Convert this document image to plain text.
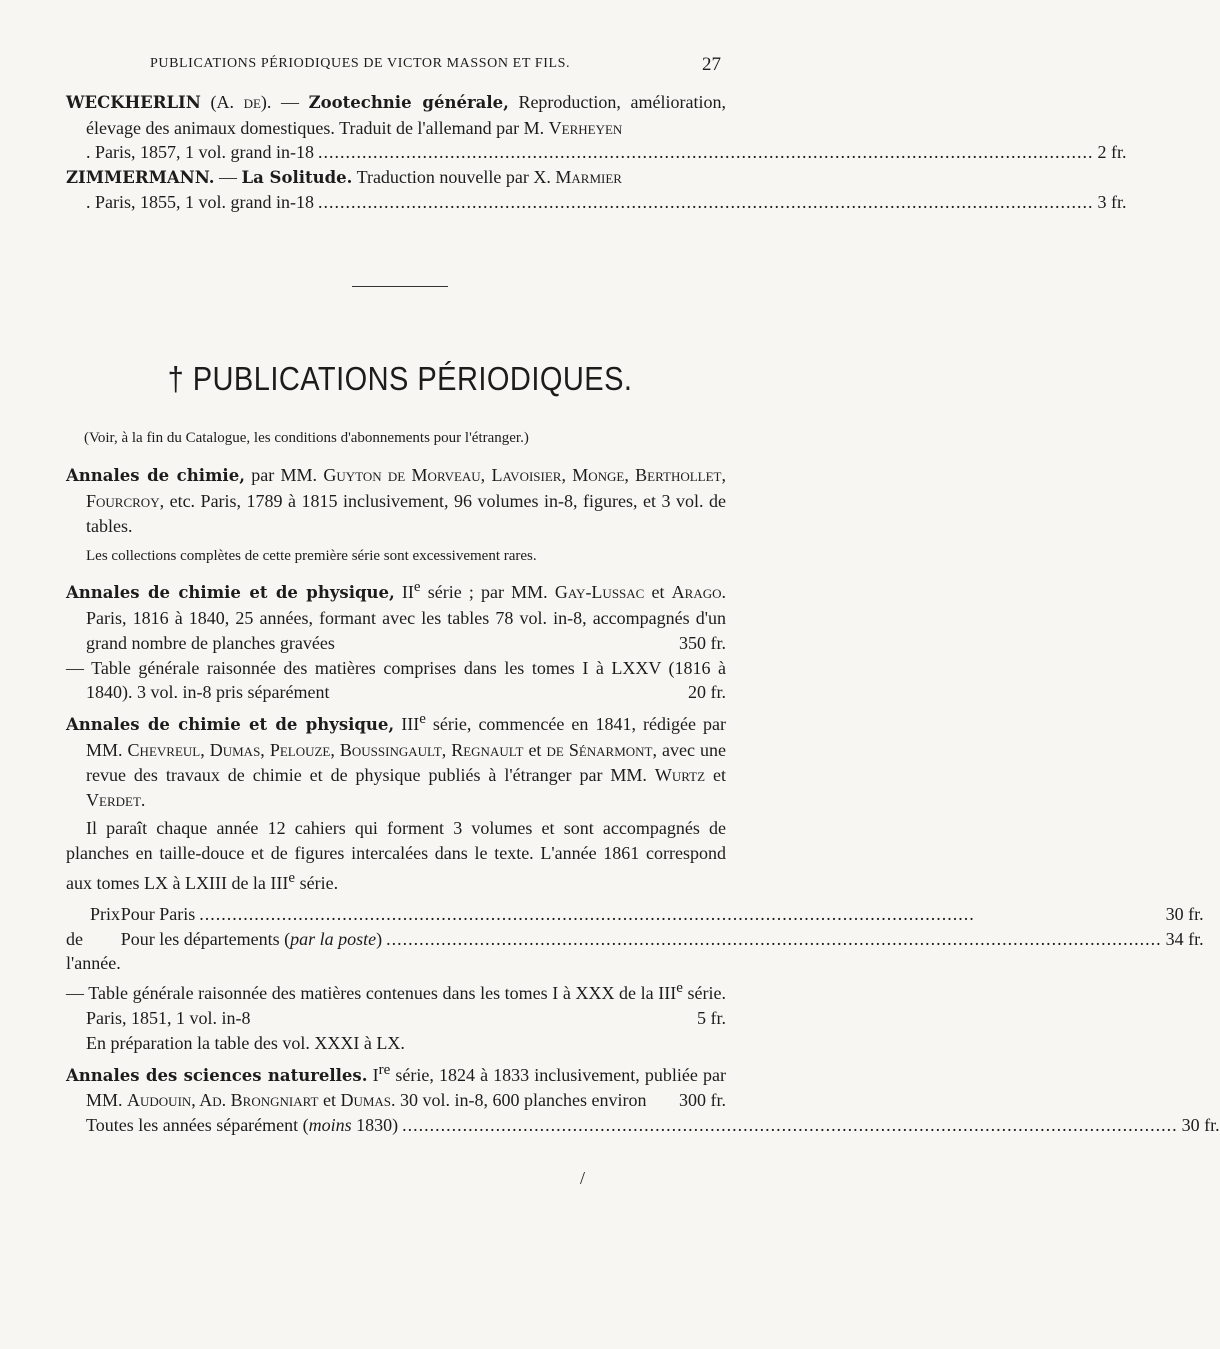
PUBLICATIONS PÉRIODIQUES DE VICTOR MASSON ET FILS.	27

WECKHERLIN (A. de). — Zootechnie générale, Reproduction, amélioration, élevage des animaux domestiques. Traduit de l'allemand par M. Verheyen

. Paris, 1857, 1 vol. grand in-18 .....	2 fr.

ZIMMERMANN. — La Solitude. Traduction nouvelle par X. Marmier

. Paris, 1855, 1 vol. grand in-18 .....	3 fr.
† PUBLICATIONS PÉRIODIQUES.
(Voir, à la fin du Catalogue, les conditions d'abonnements pour l'étranger.)

Annales de chimie, par MM. Guyton de Morveau, Lavoisier, Monge, Berthollet, Fourcroy, etc. Paris, 1789 à 1815 inclusivement, 96 volumes in-8, figures, et 3 vol. de tables.

Les collections complètes de cette première série sont excessivement rares.

Annales de chimie et de physique, IIe série ; par MM. Gay-Lussac et Arago. Paris, 1816 à 1840, 25 années, formant avec les tables 78 vol. in-8, accompagnés d'un grand nombre de planches gravées	350 fr.

— Table générale raisonnée des matières comprises dans les tomes I à LXXV (1816 à 1840). 3 vol. in-8 pris séparément	20 fr.

Annales de chimie et de physique, IIIe série, commencée en 1841, rédigée par MM. Chevreul, Dumas, Pelouze, Boussingault, Regnault et de Sénarmont, avec une revue des travaux de chimie et de physique publiés à l'étranger par MM. Wurtz et Verdet.

Il paraît chaque année 12 cahiers qui forment 3 volumes et sont accompagnés de planches en taille-douce et de figures intercalées dans le texte. L'année 1861 correspond aux tomes LX à LXIII de la IIIe série.

Prix
de l'année.
Pour Paris .....	30 fr.
Pour les départements (par la poste) .....	34 fr.

— Table générale raisonnée des matières contenues dans les tomes I à XXX de la IIIe série. Paris, 1851, 1 vol. in-8	5 fr.
En préparation la table des vol. XXXI à LX.

Annales des sciences naturelles. Ire série, 1824 à 1833 inclusivement, publiée par MM. Audouin, Ad. Brongniart et Dumas. 30 vol. in-8, 600 planches environ	300 fr.
Toutes les années séparément (moins 1830) .....	30 fr.
/
